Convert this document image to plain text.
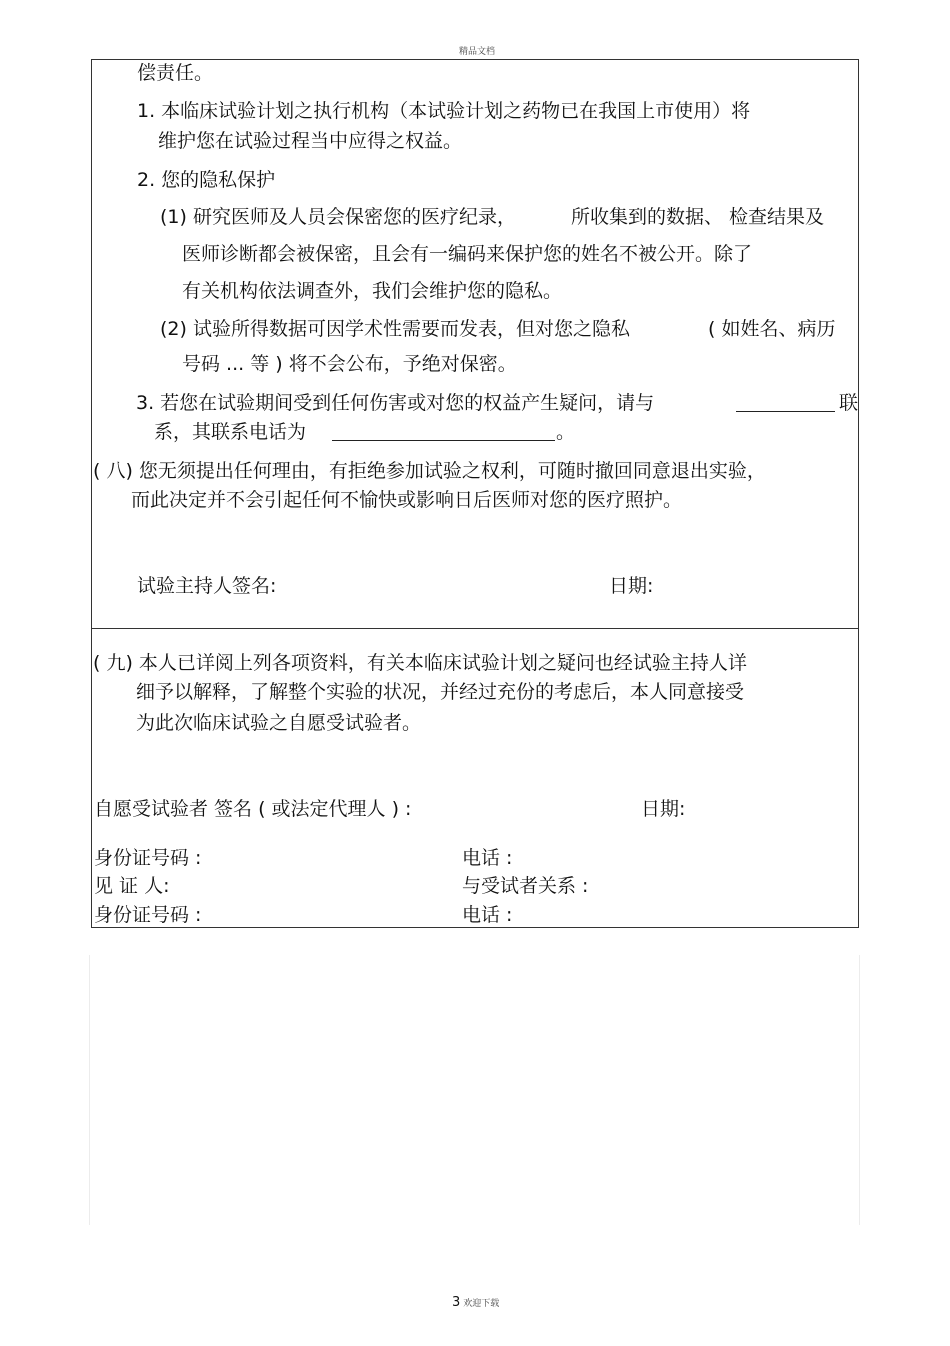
精品文档
偿责任。
1. 本临床试验计划之执行机构（本试验计划之药物已在我国上市使用）将
维护您在试验过程当中应得之权益。
2. 您的隐私保护
(1) 研究医师及人员会保密您的医疗纪录，	所收集到的数据、 检查结果及
医师诊断都会被保密，且会有一编码来保护您的姓名不被公开。除了
有关机构依法调查外，我们会维护您的隐私。
(2) 试验所得数据可因学术性需要而发表，但对您之隐私	( 如姓名、病历
号码 ... 等 ) 将不会公布，予绝对保密。
3. 若您在试验期间受到任何伤害或对您的权益产生疑问，请与	联
系，其联系电话为	。
( 八) 您无须提出任何理由，有拒绝参加试验之权利，可随时撤回同意退出实验，
而此决定并不会引起任何不愉快或影响日后医师对您的医疗照护。
试验主持人签名:	日期:
( 九) 本人已详阅上列各项资料，有关本临床试验计划之疑问也经试验主持人详
细予以解释，了解整个实验的状况，并经过充份的考虑后，本人同意接受
为此次临床试验之自愿受试验者。
自愿受试验者 签名 ( 或法定代理人 ) :	日期:
身份证号码 :	电话 :
见 证 人:	与受试者关系 :
身份证号码 :	电话 :
3 欢迎下载
